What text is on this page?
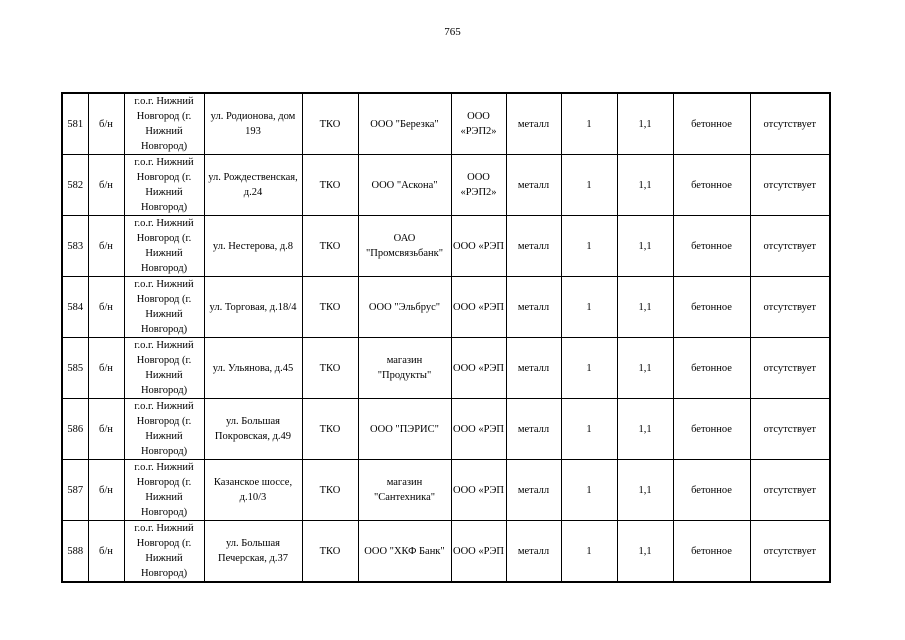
765
581	б/н	г.о.г. Нижний Новгород (г. Нижний Новгород)	ул. Родионова, дом 193	ТКО	ООО "Березка"	ООО «РЭП2»	металл	1	1,1	бетонное	отсутствует
582	б/н	г.о.г. Нижний Новгород (г. Нижний Новгород)	ул. Рождественская, д.24	ТКО	ООО "Аскона"	ООО «РЭП2»	металл	1	1,1	бетонное	отсутствует
583	б/н	г.о.г. Нижний Новгород (г. Нижний Новгород)	ул. Нестерова, д.8	ТКО	ОАО "Промсвязьбанк"	ООО «РЭП	металл	1	1,1	бетонное	отсутствует
584	б/н	г.о.г. Нижний Новгород (г. Нижний Новгород)	ул. Торговая, д.18/4	ТКО	ООО "Эльбрус"	ООО «РЭП	металл	1	1,1	бетонное	отсутствует
585	б/н	г.о.г. Нижний Новгород (г. Нижний Новгород)	ул. Ульянова, д.45	ТКО	магазин "Продукты"	ООО «РЭП	металл	1	1,1	бетонное	отсутствует
586	б/н	г.о.г. Нижний Новгород (г. Нижний Новгород)	ул. Большая Покровская, д.49	ТКО	ООО "ПЭРИС"	ООО «РЭП	металл	1	1,1	бетонное	отсутствует
587	б/н	г.о.г. Нижний Новгород (г. Нижний Новгород)	Казанское шоссе, д.10/3	ТКО	магазин "Сантехника"	ООО «РЭП	металл	1	1,1	бетонное	отсутствует
588	б/н	г.о.г. Нижний Новгород (г. Нижний Новгород)	ул. Большая Печерская, д.37	ТКО	ООО "ХКФ Банк"	ООО «РЭП	металл	1	1,1	бетонное	отсутствует
